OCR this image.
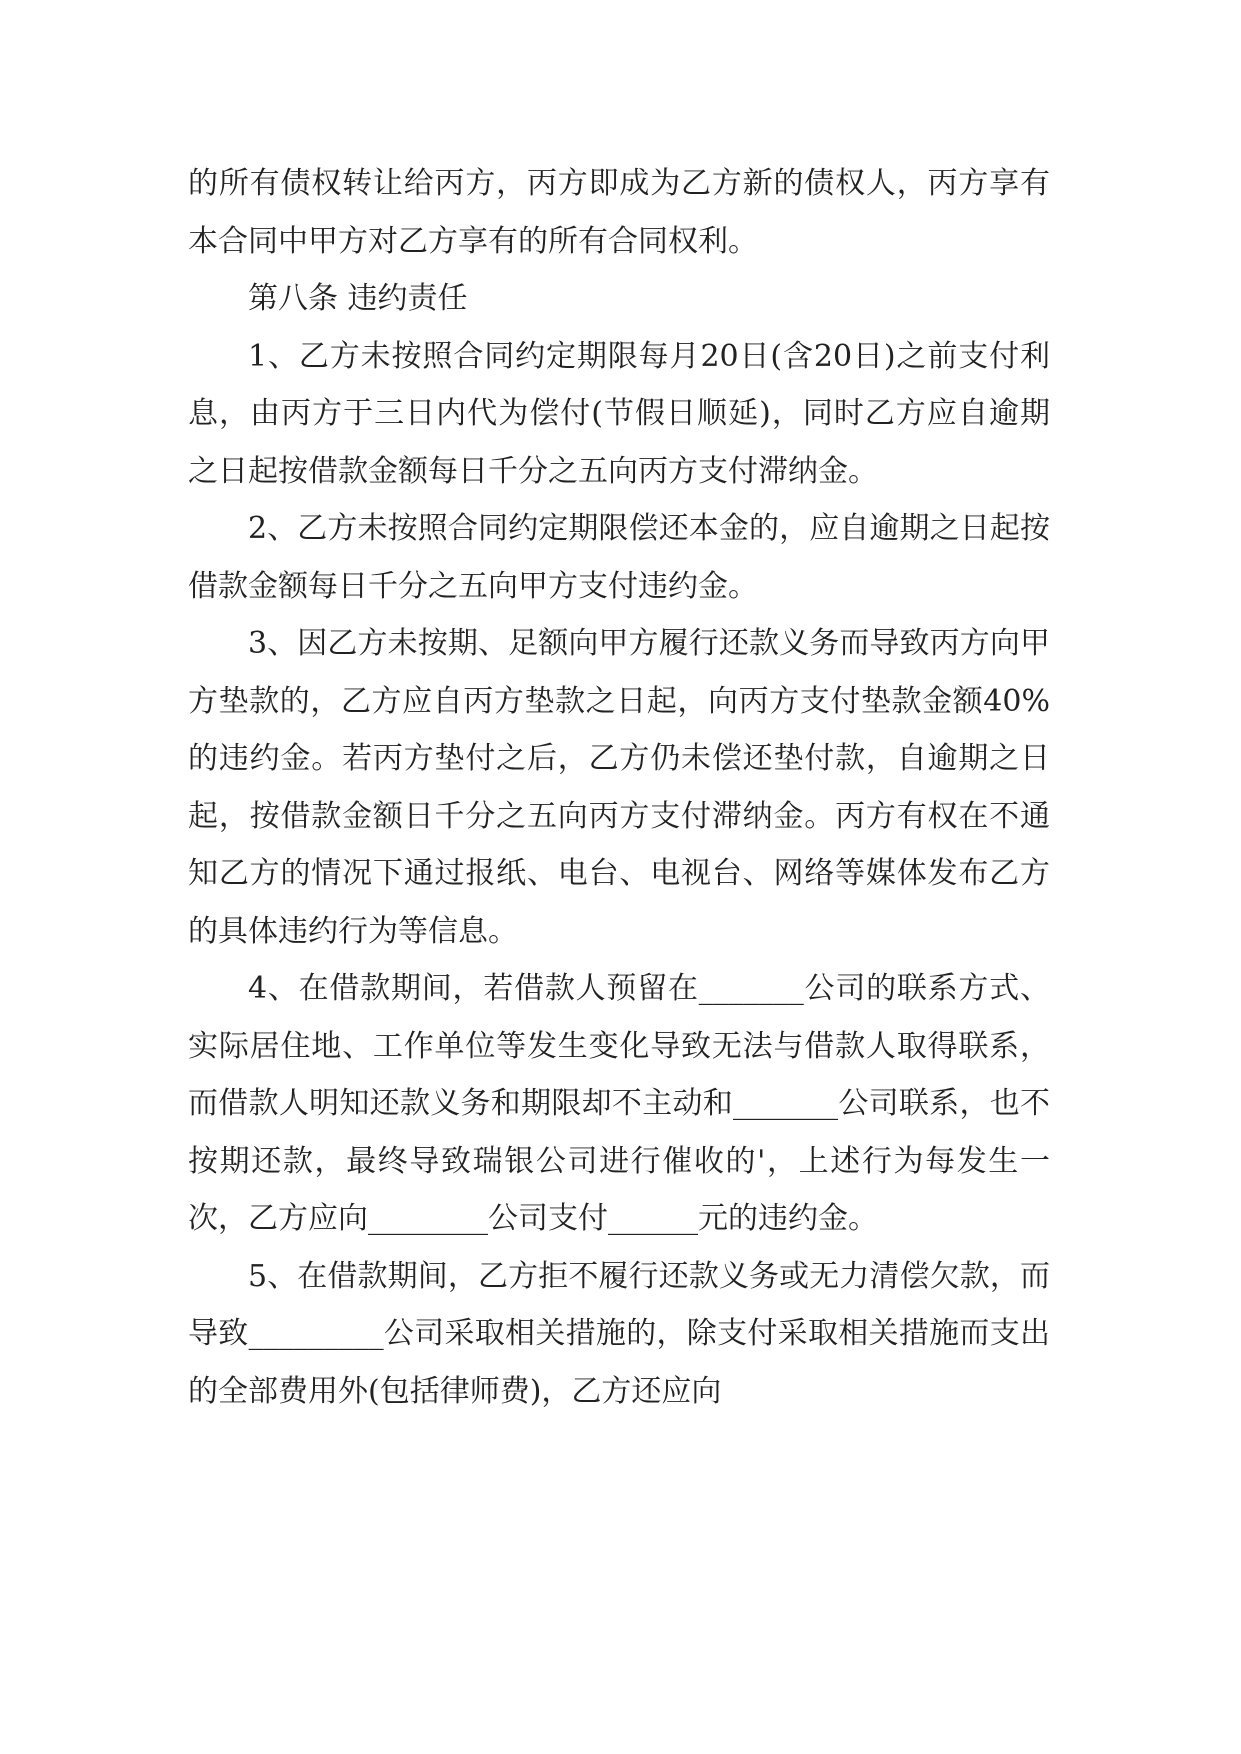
的所有债权转让给丙方，丙方即成为乙方新的债权人，丙方享有本合同中甲方对乙方享有的所有合同权利。

第八条 违约责任

1、乙方未按照合同约定期限每月20日(含20日)之前支付利息，由丙方于三日内代为偿付(节假日顺延)，同时乙方应自逾期之日起按借款金额每日千分之五向丙方支付滞纳金。

2、乙方未按照合同约定期限偿还本金的，应自逾期之日起按借款金额每日千分之五向甲方支付违约金。

3、因乙方未按期、足额向甲方履行还款义务而导致丙方向甲方垫款的，乙方应自丙方垫款之日起，向丙方支付垫款金额40%的违约金。若丙方垫付之后，乙方仍未偿还垫付款，自逾期之日起，按借款金额日千分之五向丙方支付滞纳金。丙方有权在不通知乙方的情况下通过报纸、电台、电视台、网络等媒体发布乙方的具体违约行为等信息。

4、在借款期间，若借款人预留在_______公司的联系方式、实际居住地、工作单位等发生变化导致无法与借款人取得联系，而借款人明知还款义务和期限却不主动和_______公司联系，也不按期还款，最终导致瑞银公司进行催收的'，上述行为每发生一次，乙方应向________公司支付______元的违约金。

5、在借款期间，乙方拒不履行还款义务或无力清偿欠款，而导致_________公司采取相关措施的，除支付采取相关措施而支出的全部费用外(包括律师费)，乙方还应向
